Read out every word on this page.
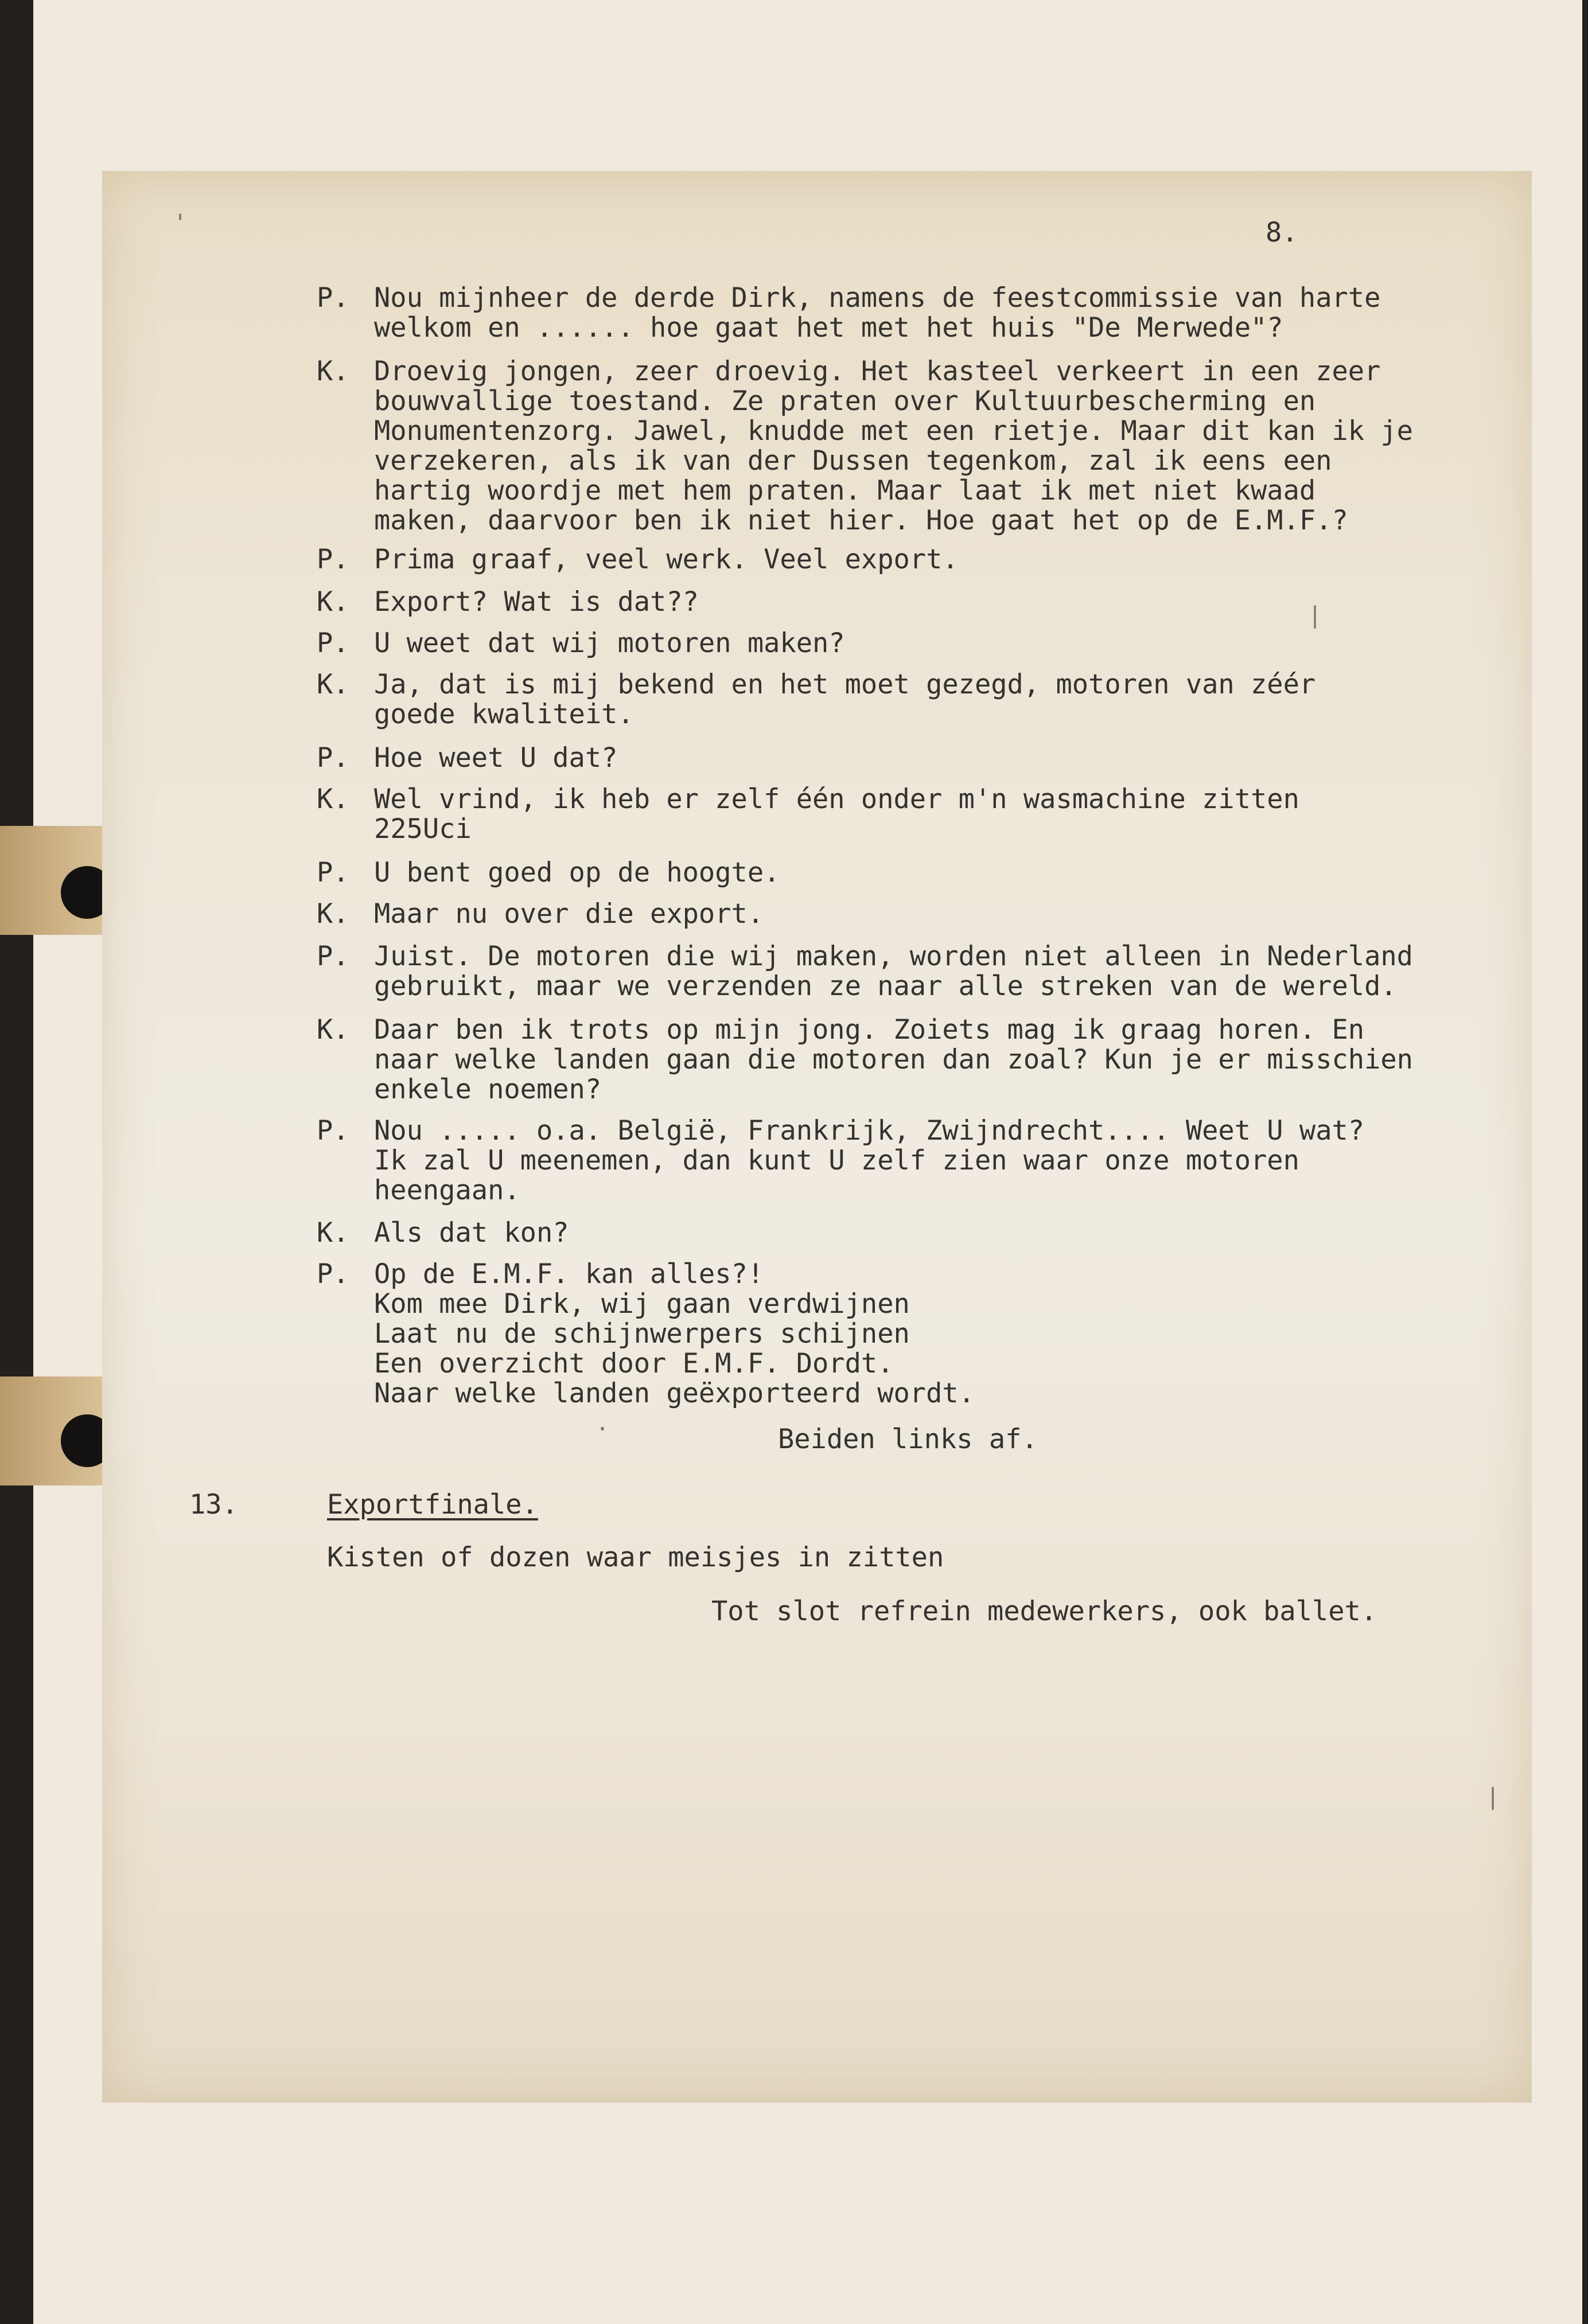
'
|
.
|
8.
P. Nou mijnheer de derde Dirk, namens de feestcommissie van harte
welkom en ...... hoe gaat het met het huis "De Merwede"?
K. Droevig jongen, zeer droevig. Het kasteel verkeert in een zeer
bouwvallige toestand. Ze praten over Kultuurbescherming en
Monumentenzorg. Jawel, knudde met een rietje. Maar dit kan ik je
verzekeren, als ik van der Dussen tegenkom, zal ik eens een
hartig woordje met hem praten. Maar laat ik met niet kwaad
maken, daarvoor ben ik niet hier. Hoe gaat het op de E.M.F.?
P. Prima graaf, veel werk. Veel export.
K. Export? Wat is dat??
P. U weet dat wij motoren maken?
K. Ja, dat is mij bekend en het moet gezegd, motoren van zéér
goede kwaliteit.
P. Hoe weet U dat?
K. Wel vrind, ik heb er zelf één onder m'n wasmachine zitten
225Uci
P. U bent goed op de hoogte.
K. Maar nu over die export.
P. Juist. De motoren die wij maken, worden niet alleen in Nederland
gebruikt, maar we verzenden ze naar alle streken van de wereld.
K. Daar ben ik trots op mijn jong. Zoiets mag ik graag horen. En
naar welke landen gaan die motoren dan zoal? Kun je er misschien
enkele noemen?
P. Nou ..... o.a. België, Frankrijk, Zwijndrecht.... Weet U wat?
Ik zal U meenemen, dan kunt U zelf zien waar onze motoren
heengaan.
K. Als dat kon?
P. Op de E.M.F. kan alles?!
Kom mee Dirk, wij gaan verdwijnen
Laat nu de schijnwerpers schijnen
Een overzicht door E.M.F. Dordt.
Naar welke landen geëxporteerd wordt.
Beiden links af.
13.	Exportfinale.
Kisten of dozen waar meisjes in zitten
Tot slot refrein medewerkers, ook ballet.
